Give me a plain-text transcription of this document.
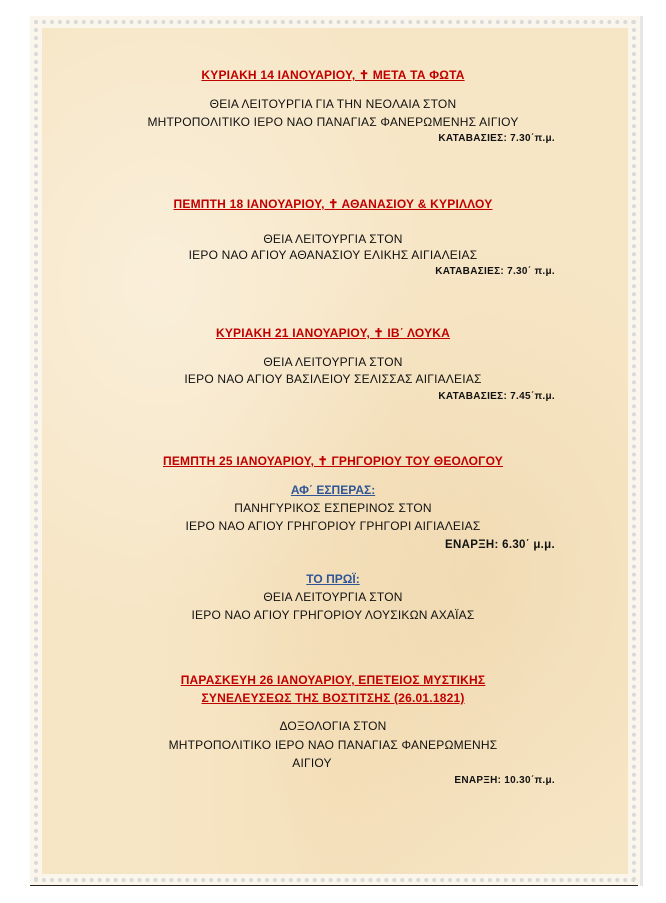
ΚΥΡΙΑΚΗ 14 ΙΑΝΟΥΑΡΙΟΥ, ✝ ΜΕΤΑ ΤΑ ΦΩΤΑ
ΘΕΙΑ ΛΕΙΤΟΥΡΓΙΑ ΓΙΑ ΤΗΝ ΝΕΟΛΑΙΑ ΣΤΟΝ
ΜΗΤΡΟΠΟΛΙΤΙΚΟ ΙΕΡΟ ΝΑΟ ΠΑΝΑΓΙΑΣ ΦΑΝΕΡΩΜΕΝΗΣ ΑΙΓΙΟΥ
ΚΑΤΑΒΑΣΙΕΣ: 7.30΄π.μ.
ΠΕΜΠΤΗ 18 ΙΑΝΟΥΑΡΙΟΥ, ✝ ΑΘΑΝΑΣΙΟΥ & ΚΥΡΙΛΛΟΥ
ΘΕΙΑ ΛΕΙΤΟΥΡΓΙΑ ΣΤΟΝ
ΙΕΡΟ ΝΑΟ ΑΓΙΟΥ ΑΘΑΝΑΣΙΟΥ ΕΛΙΚΗΣ ΑΙΓΙΑΛΕΙΑΣ
ΚΑΤΑΒΑΣΙΕΣ: 7.30΄ π.μ.
ΚΥΡΙΑΚΗ 21 ΙΑΝΟΥΑΡΙΟΥ, ✝ ΙΒ΄ ΛΟΥΚΑ
ΘΕΙΑ ΛΕΙΤΟΥΡΓΙΑ ΣΤΟΝ
ΙΕΡΟ ΝΑΟ ΑΓΙΟΥ ΒΑΣΙΛΕΙΟΥ ΣΕΛΙΣΣΑΣ ΑΙΓΙΑΛΕΙΑΣ
ΚΑΤΑΒΑΣΙΕΣ: 7.45΄π.μ.
ΠΕΜΠΤΗ 25 ΙΑΝΟΥΑΡΙΟΥ, ✝ ΓΡΗΓΟΡΙΟΥ ΤΟΥ ΘΕΟΛΟΓΟΥ
ΑΦ΄ ΕΣΠΕΡΑΣ:
ΠΑΝΗΓΥΡΙΚΟΣ ΕΣΠΕΡΙΝΟΣ ΣΤΟΝ
ΙΕΡΟ ΝΑΟ ΑΓΙΟΥ ΓΡΗΓΟΡΙΟΥ ΓΡΗΓΟΡΙ ΑΙΓΙΑΛΕΙΑΣ
ΕΝΑΡΞΗ: 6.30΄ μ.μ.
ΤΟ ΠΡΩΪ:
ΘΕΙΑ ΛΕΙΤΟΥΡΓΙΑ ΣΤΟΝ
ΙΕΡΟ ΝΑΟ ΑΓΙΟΥ ΓΡΗΓΟΡΙΟΥ ΛΟΥΣΙΚΩΝ ΑΧΑΪΑΣ
ΠΑΡΑΣΚΕΥΗ 26 ΙΑΝΟΥΑΡΙΟΥ, ΕΠΕΤΕΙΟΣ ΜΥΣΤΙΚΗΣ
ΣΥΝΕΛΕΥΣΕΩΣ ΤΗΣ ΒΟΣΤΙΤΣΗΣ (26.01.1821)
ΔΟΞΟΛΟΓΙΑ ΣΤΟΝ
ΜΗΤΡΟΠΟΛΙΤΙΚΟ ΙΕΡΟ ΝΑΟ ΠΑΝΑΓΙΑΣ ΦΑΝΕΡΩΜΕΝΗΣ
ΑΙΓΙΟΥ
ΕΝΑΡΞΗ: 10.30΄π.μ.
